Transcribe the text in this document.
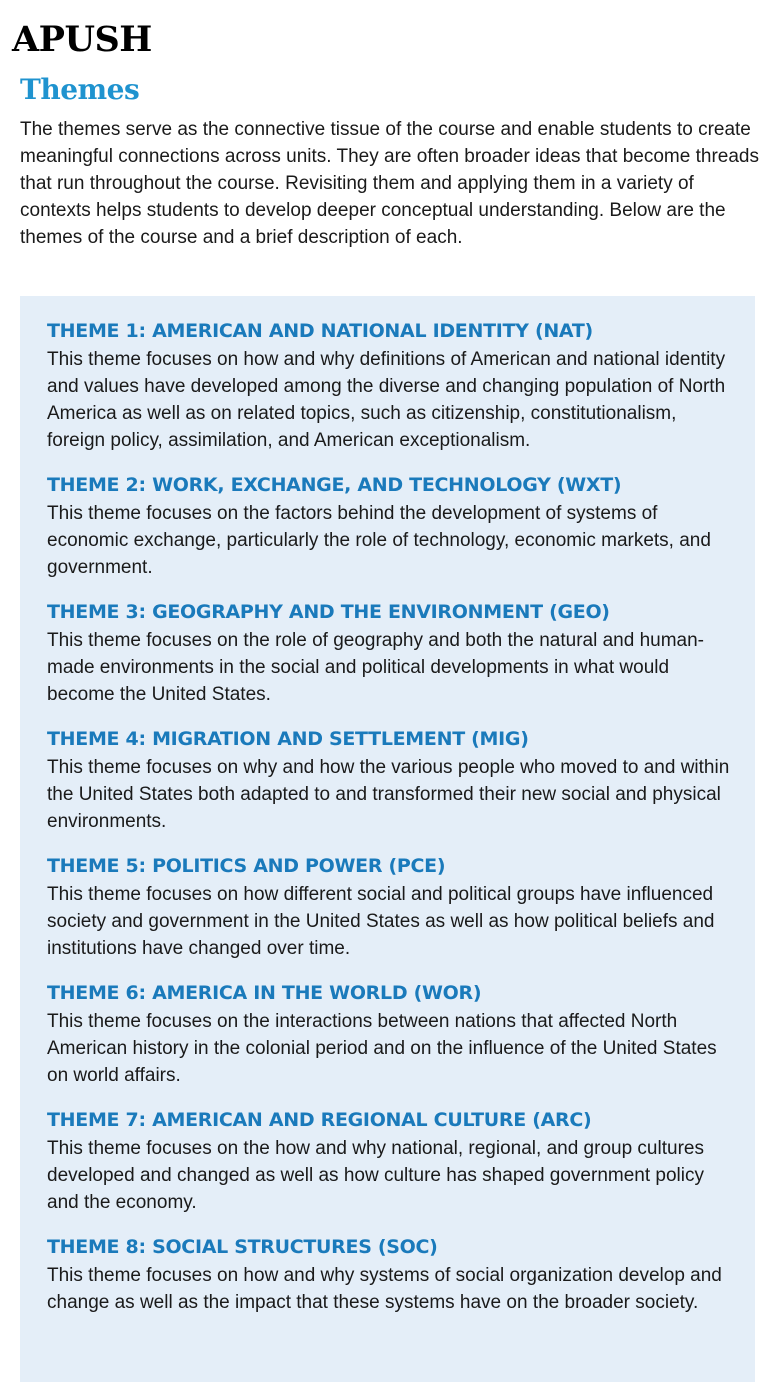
APUSH
Themes

The themes serve as the connective tissue of the course and enable students to create meaningful connections across units. They are often broader ideas that become threads that run throughout the course. Revisiting them and applying them in a variety of contexts helps students to develop deeper conceptual understanding. Below are the themes of the course and a brief description of each.

THEME 1: AMERICAN AND NATIONAL IDENTITY (NAT)

This theme focuses on how and why definitions of American and national identity and values have developed among the diverse and changing population of North America as well as on related topics, such as citizenship, constitutionalism, foreign policy, assimilation, and American exceptionalism.

THEME 2: WORK, EXCHANGE, AND TECHNOLOGY (WXT)

This theme focuses on the factors behind the development of systems of economic exchange, particularly the role of technology, economic markets, and government.

THEME 3: GEOGRAPHY AND THE ENVIRONMENT (GEO)

This theme focuses on the role of geography and both the natural and human-made environments in the social and political developments in what would become the United States.

THEME 4: MIGRATION AND SETTLEMENT (MIG)

This theme focuses on why and how the various people who moved to and within the United States both adapted to and transformed their new social and physical environments.

THEME 5: POLITICS AND POWER (PCE)

This theme focuses on how different social and political groups have influenced society and government in the United States as well as how political beliefs and institutions have changed over time.

THEME 6: AMERICA IN THE WORLD (WOR)

This theme focuses on the interactions between nations that affected North American history in the colonial period and on the influence of the United States on world affairs.

THEME 7: AMERICAN AND REGIONAL CULTURE (ARC)

This theme focuses on the how and why national, regional, and group cultures developed and changed as well as how culture has shaped government policy and the economy.

THEME 8: SOCIAL STRUCTURES (SOC)

This theme focuses on how and why systems of social organization develop and change as well as the impact that these systems have on the broader society.
